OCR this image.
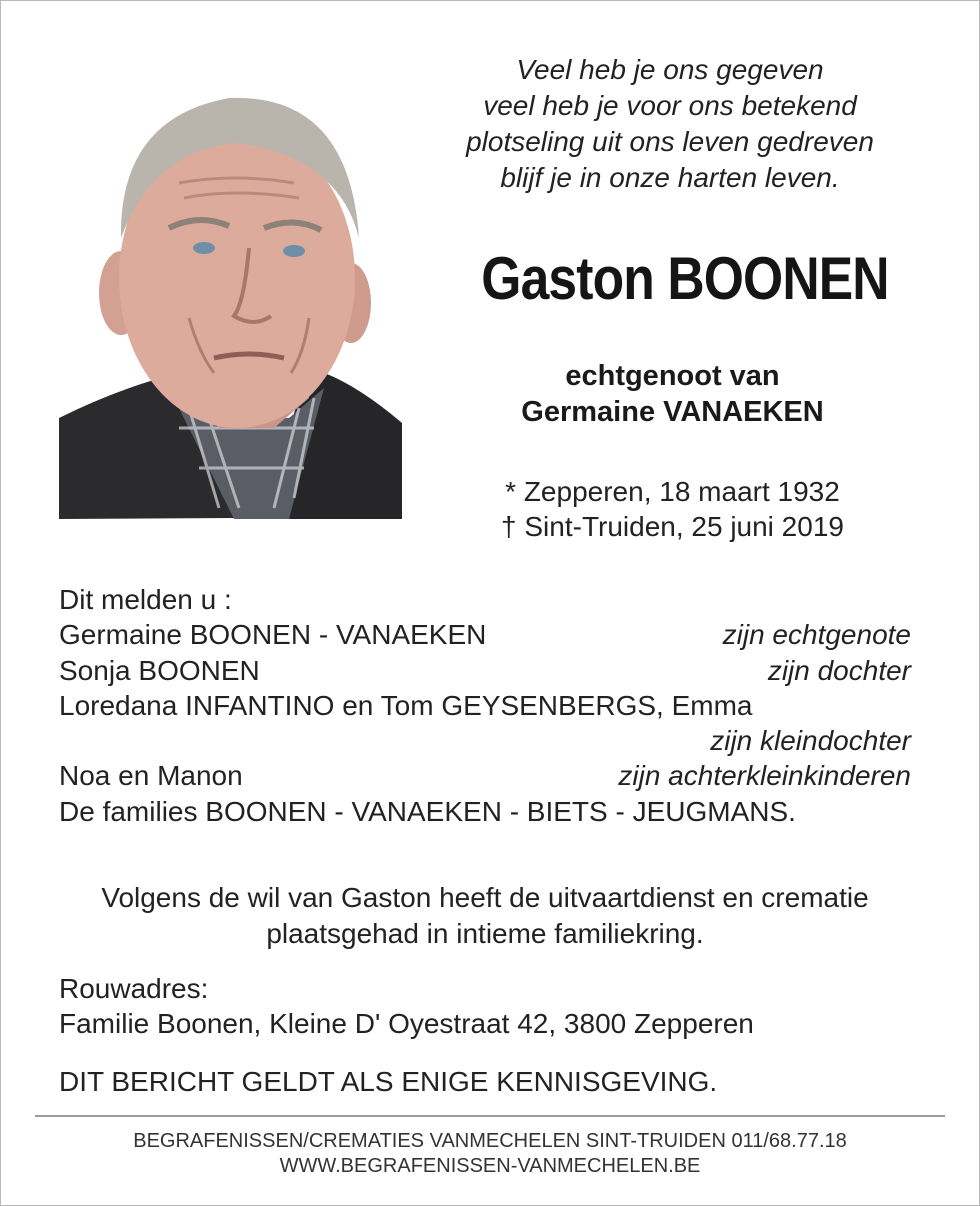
Veel heb je ons gegeven
veel heb je voor ons betekend
plotseling uit ons leven gedreven
blijf je in onze harten leven.
Gaston BOONEN
echtgenoot van
Germaine VANAEKEN
* Zepperen, 18 maart 1932
† Sint-Truiden, 25 juni 2019
Dit melden u :
Germaine BOONEN - VANAEKEN	zijn echtgenote
Sonja BOONEN	zijn dochter
Loredana INFANTINO en Tom GEYSENBERGS, Emma
zijn kleindochter
Noa en Manon	zijn achterkleinkinderen
De families BOONEN - VANAEKEN - BIETS - JEUGMANS.
Volgens de wil van Gaston heeft de uitvaartdienst en crematie
plaatsgehad in intieme familiekring.
Rouwadres:
Familie Boonen, Kleine D' Oyestraat 42, 3800 Zepperen
DIT BERICHT GELDT ALS ENIGE KENNISGEVING.
BEGRAFENISSEN/CREMATIES VANMECHELEN SINT-TRUIDEN 011/68.77.18
WWW.BEGRAFENISSEN-VANMECHELEN.BE
